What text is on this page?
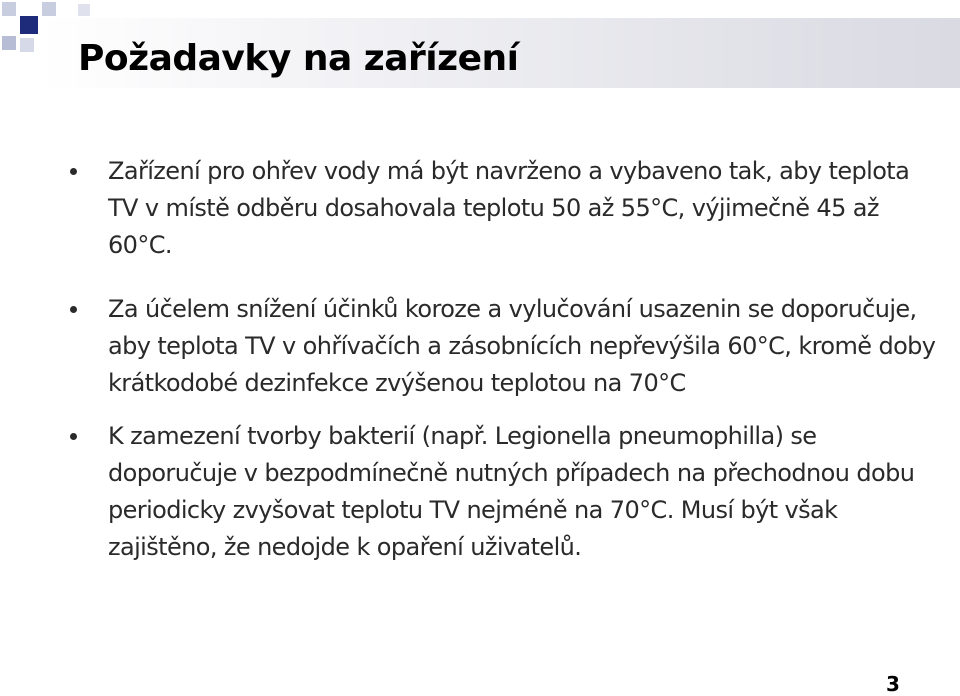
Požadavky na zařízení
Zařízení pro ohřev vody má být navrženo a vybaveno tak, aby teplota TV v místě odběru dosahovala teplotu 50 až 55°C, výjimečně 45 až 60°C.
Za účelem snížení účinků koroze a vylučování usazenin se doporučuje, aby teplota TV v ohřívačích a zásobnících nepřevýšila 60°C, kromě doby krátkodobé dezinfekce zvýšenou teplotou na 70°C
K zamezení tvorby bakterií (např. Legionella pneumophilla) se doporučuje v bezpodmínečně nutných případech na přechodnou dobu periodicky zvyšovat teplotu TV nejméně na 70°C. Musí být však zajištěno, že nedojde k opaření uživatelů.
3
